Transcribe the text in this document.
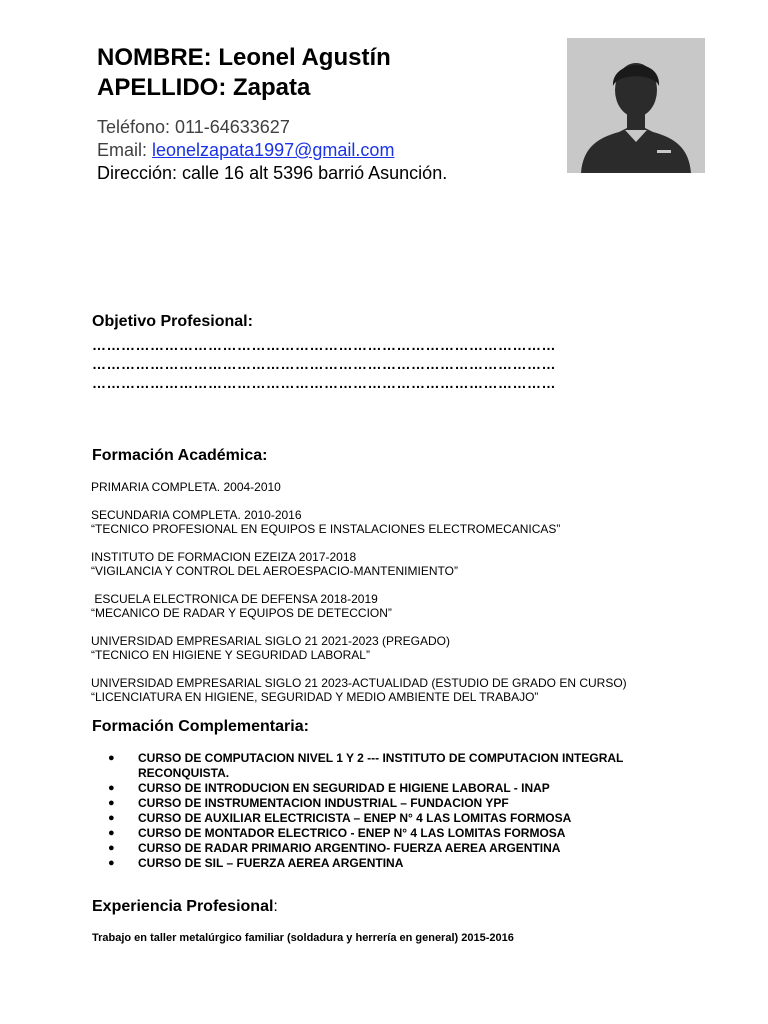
NOMBRE: Leonel Agustín

APELLIDO: Zapata

Teléfono: 011-64633627
Email: leonelzapata1997@gmail.com
Dirección: calle 16 alt 5396 barrió Asunción.

Objetivo Profesional:

……………………………………………………………………………………
……………………………………………………………………………………
……………………………………………………………………………………

Formación Académica:

PRIMARIA COMPLETA. 2004-2010
SECUNDARIA COMPLETA. 2010-2016
“TECNICO PROFESIONAL EN EQUIPOS E INSTALACIONES ELECTROMECANICAS”
INSTITUTO DE FORMACION EZEIZA 2017-2018
“VIGILANCIA Y CONTROL DEL AEROESPACIO-MANTENIMIENTO”
ESCUELA ELECTRONICA DE DEFENSA 2018-2019
“MECANICO DE RADAR Y EQUIPOS DE DETECCION”
UNIVERSIDAD EMPRESARIAL SIGLO 21 2021-2023 (PREGADO)
“TECNICO EN HIGIENE Y SEGURIDAD LABORAL”
UNIVERSIDAD EMPRESARIAL SIGLO 21 2023-ACTUALIDAD (ESTUDIO DE GRADO EN CURSO)
“LICENCIATURA EN HIGIENE, SEGURIDAD Y MEDIO AMBIENTE DEL TRABAJO”

Formación Complementaria:

● CURSO DE COMPUTACION NIVEL 1 Y 2 --- INSTITUTO DE COMPUTACION INTEGRAL RECONQUISTA.
● CURSO DE INTRODUCION EN SEGURIDAD E HIGIENE LABORAL - INAP
● CURSO DE INSTRUMENTACION INDUSTRIAL – FUNDACION YPF
● CURSO DE AUXILIAR ELECTRICISTA – ENEP N° 4 LAS LOMITAS FORMOSA
● CURSO DE MONTADOR ELECTRICO - ENEP N° 4 LAS LOMITAS FORMOSA
● CURSO DE RADAR PRIMARIO ARGENTINO- FUERZA AEREA ARGENTINA
● CURSO DE SIL – FUERZA AEREA ARGENTINA

Experiencia Profesional:

Trabajo en taller metalúrgico familiar (soldadura y herrería en general) 2015-2016
